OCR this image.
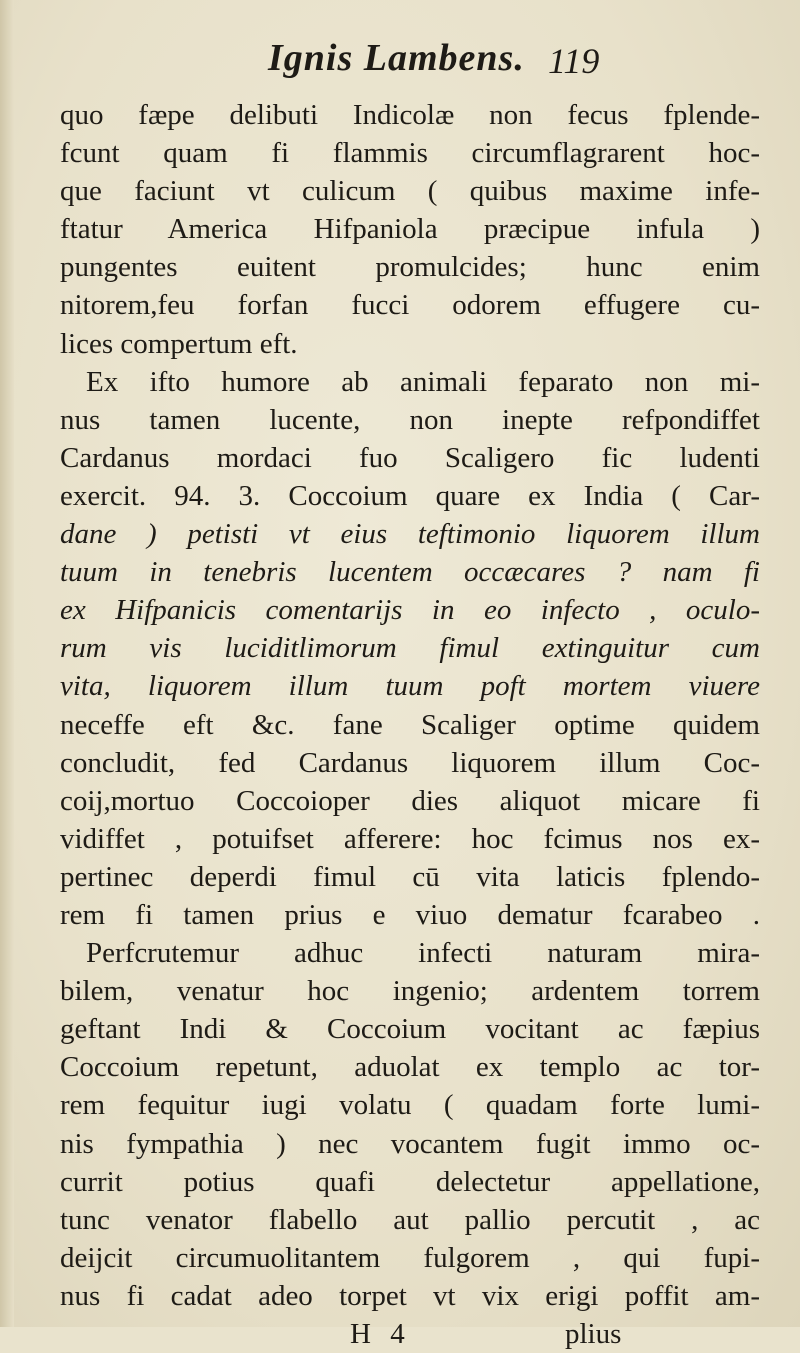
Ignis Lambens. 119
quo fæpe delibuti Indicolæ non fecus fplende-
fcunt quam fi flammis circumflagrarent hoc-
que faciunt vt culicum ( quibus maxime infe-
ftatur America Hifpaniola præcipue infula )
pungentes euitent promulcides; hunc enim
nitorem,feu forfan fucci odorem effugere cu-
lices compertum eft.
Ex ifto humore ab animali feparato non mi-
nus tamen lucente, non inepte refpondiffet
Cardanus mordaci fuo Scaligero fic ludenti
exercit. 94. 3. Coccoium quare ex India ( Car-
dane ) petisti vt eius teftimonio liquorem illum
tuum in tenebris lucentem occæcares ? nam fi
ex Hifpanicis comentarijs in eo infecto , oculo-
rum vis luciditlimorum fimul extinguitur cum
vita, liquorem illum tuum poft mortem viuere
neceffe eft &c. fane Scaliger optime quidem
concludit, fed Cardanus liquorem illum Coc-
coij,mortuo Coccoioper dies aliquot micare fi
vidiffet , potuifset afferere: hoc fcimus nos ex-
pertinec deperdi fimul cū vita laticis fplendo-
rem fi tamen prius e viuo dematur fcarabeo .
Perfcrutemur adhuc infecti naturam mira-
bilem, venatur hoc ingenio; ardentem torrem
geftant Indi & Coccoium vocitant ac fæpius
Coccoium repetunt, aduolat ex templo ac tor-
rem fequitur iugi volatu ( quadam forte lumi-
nis fympathia ) nec vocantem fugit immo oc-
currit potius quafi delectetur appellatione,
tunc venator flabello aut pallio percutit , ac
deijcit circumuolitantem fulgorem , qui fupi-
nus fi cadat adeo torpet vt vix erigi poffit am-
H 4	plius
